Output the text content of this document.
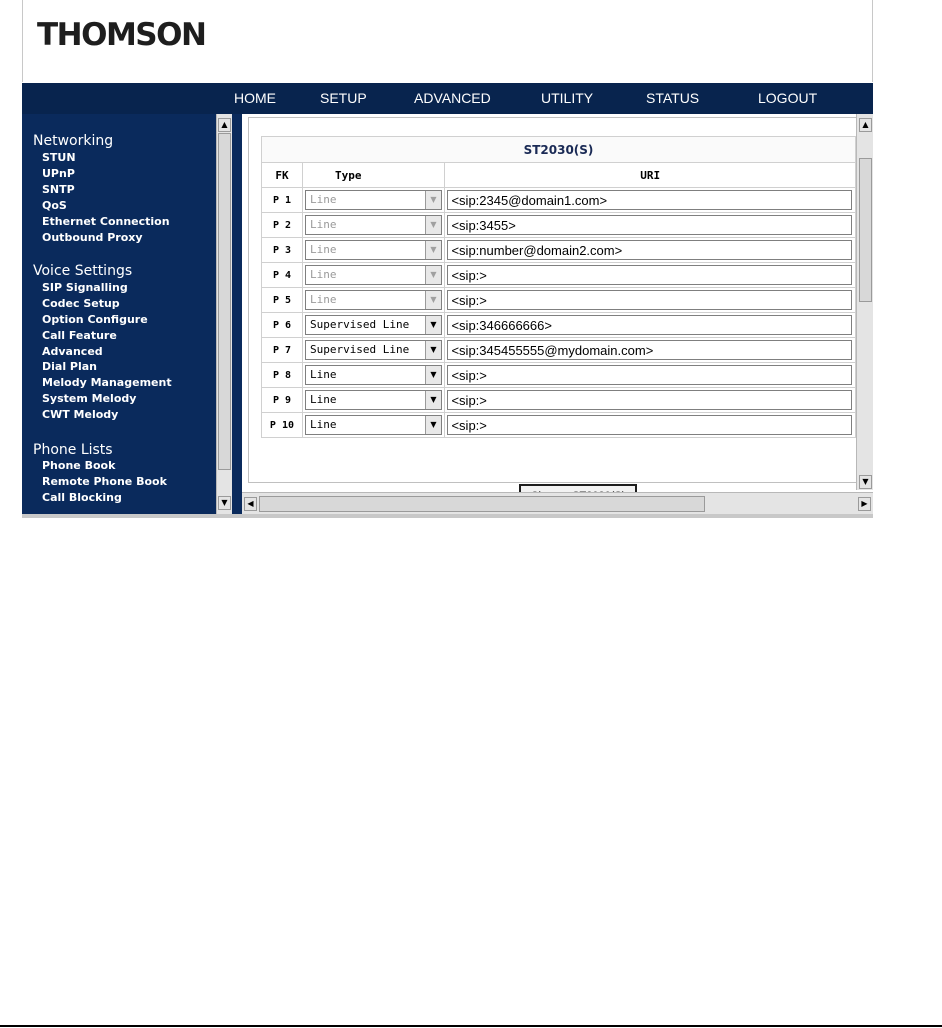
THOMSON
HOME	SETUP	ADVANCED	UTILITY	STATUS	LOGOUT
Networking
STUN
UPnP
SNTP
QoS
Ethernet Connection
Outbound Proxy
Voice Settings
SIP Signalling
Codec Setup
Option Configure
Call Feature
Advanced
Dial Plan
Melody Management
System Melody
CWT Melody
Phone Lists
Phone Book
Remote Phone Book
Call Blocking
▲
▼
ST2030(S)		
FK	Type	URI
P 1	Line ▼	<sip:2345@domain1.com>

P 2	Line ▼	<sip:3455>

P 3	Line ▼	<sip:number@domain2.com>

P 4	Line ▼	<sip:>

P 5	Line ▼	<sip:>

P 6	Supervised Line ▼	<sip:346666666>

P 7	Supervised Line ▼	<sip:345455555@mydomain.com>

P 8	Line ▼	<sip:>

P 9	Line ▼	<sip:>

P 10	Line ▼	<sip:>
▲
▼
◀	▶
